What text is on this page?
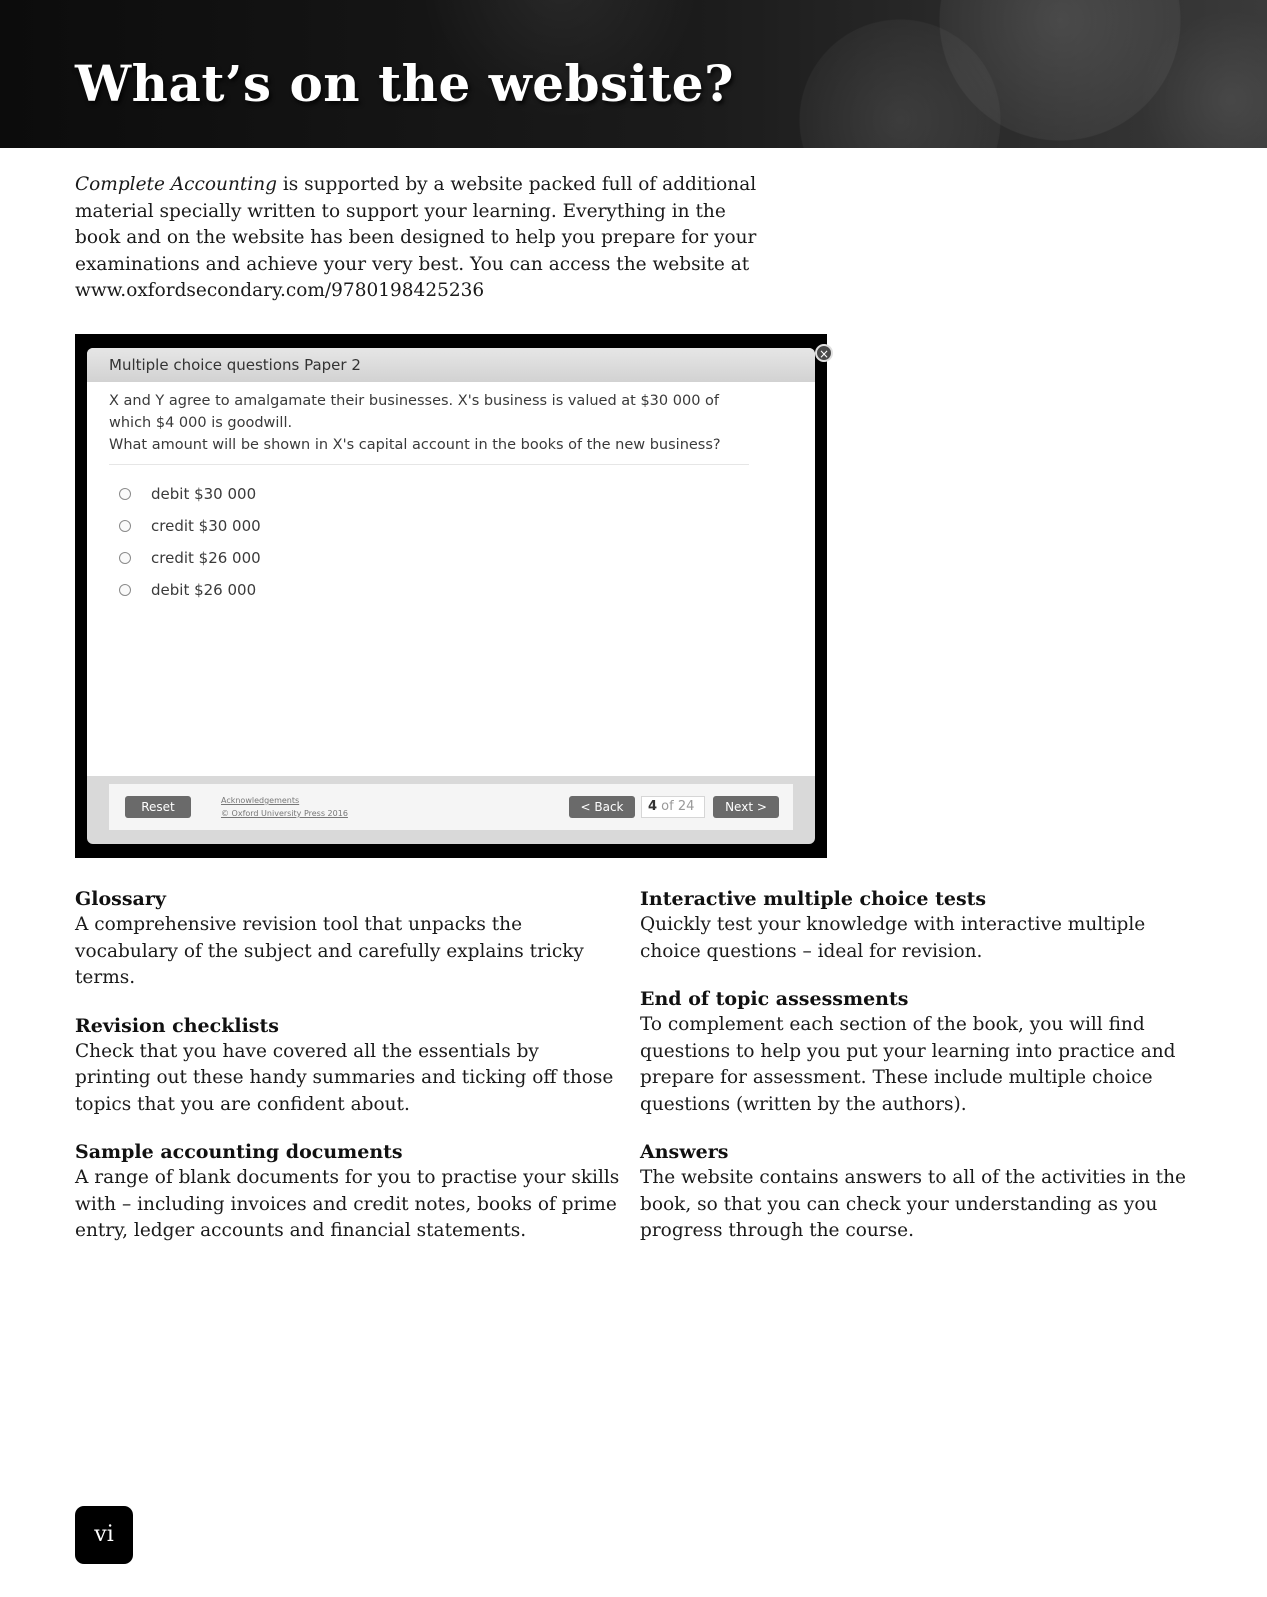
What’s on the website?

Complete Accounting is supported by a website packed full of additional material specially written to support your learning. Everything in the book and on the website has been designed to help you prepare for your examinations and achieve your very best. You can access the website at www.oxfordsecondary.com/9780198425236

Multiple choice questions Paper 2
×
X and Y agree to amalgamate their businesses. X's business is valued at $30 000 of
which $4 000 is goodwill.
What amount will be shown in X's capital account in the books of the new business?
debit $30 000
credit $30 000
credit $26 000
debit $26 000
Reset	Acknowledgements
© Oxford University Press 2016	< Back	4 of 24	Next >
Glossary

A comprehensive revision tool that unpacks the vocabulary of the subject and carefully explains tricky terms.

Revision checklists

Check that you have covered all the essentials by printing out these handy summaries and ticking off those topics that you are confident about.

Sample accounting documents

A range of blank documents for you to practise your skills with – including invoices and credit notes, books of prime entry, ledger accounts and financial statements.

Interactive multiple choice tests

Quickly test your knowledge with interactive multiple choice questions – ideal for revision.

End of topic assessments

To complement each section of the book, you will find questions to help you put your learning into practice and prepare for assessment. These include multiple choice questions (written by the authors).

Answers

The website contains answers to all of the activities in the book, so that you can check your understanding as you progress through the course.

vi
